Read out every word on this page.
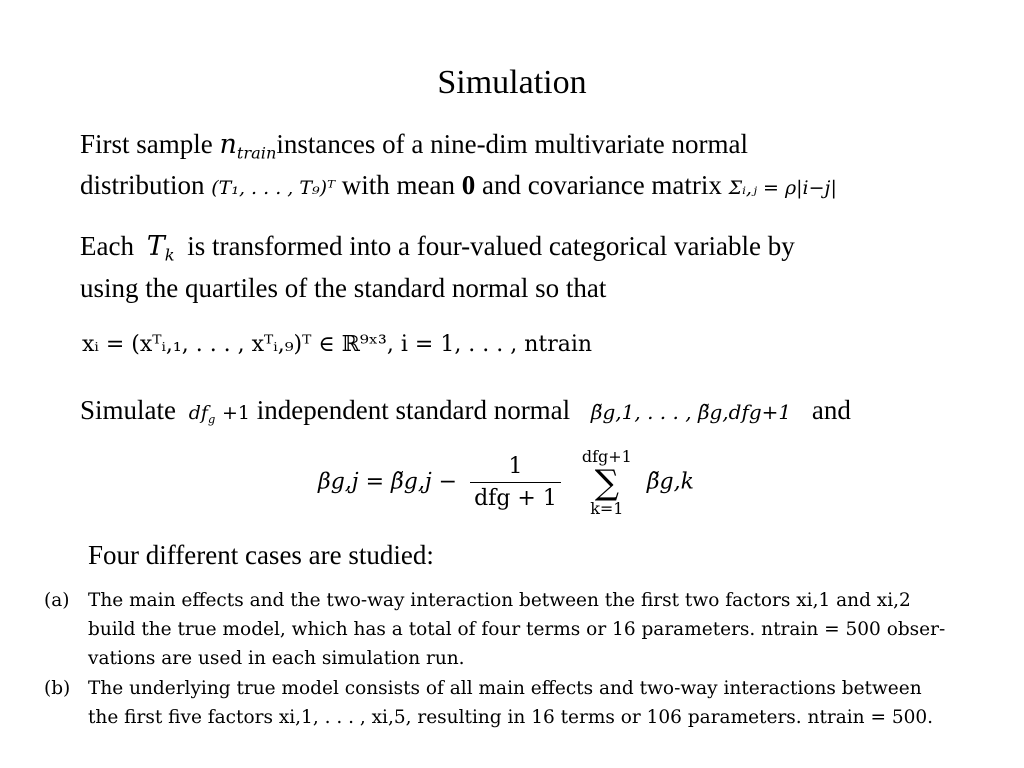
Simulation
First sample $n_{train}instances$ of a nine-dim multivariate normal
distribution (T₁, . . . , T₉)ᵀ with mean 0 and covariance matrix Σᵢ,ⱼ = ρ|i−j|
Each $T_k$ is transformed into a four-valued categorical variable by
using the quartiles of the standard normal so that
xᵢ = (xᵀᵢ,₁, . . . , xᵀᵢ,₉)ᵀ ∈ ℝ⁹ˣ³, i = 1, . . . , ntrain
Simulate $df_g +1$ independent standard normal β̃g,1, . . . , β̃g,dfg+1 and
βg,j = β̃g,j − $\frac{1}{\text{dfg + 1}}$
dfg+1
∑
k=1
β̃g,k
Four different cases are studied:
(a) The main effects and the two-way interaction between the first two factors xi,1 and xi,2
build the true model, which has a total of four terms or 16 parameters. ntrain = 500 obser-
vations are used in each simulation run.
(b) The underlying true model consists of all main effects and two-way interactions between
the first five factors xi,1, . . . , xi,5, resulting in 16 terms or 106 parameters. ntrain = 500.
